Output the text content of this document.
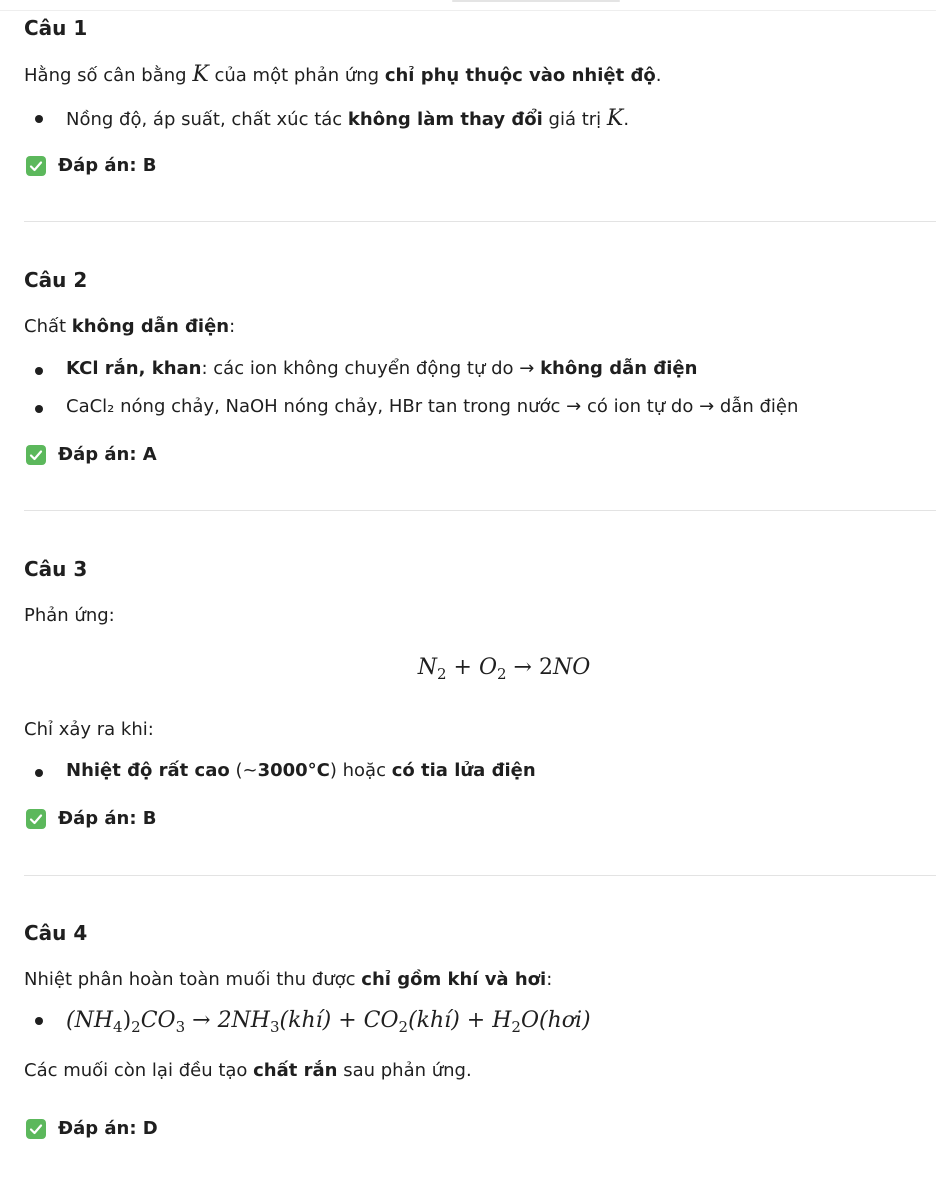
Câu 1
Hằng số cân bằng K của một phản ứng chỉ phụ thuộc vào nhiệt độ.
Nồng độ, áp suất, chất xúc tác không làm thay đổi giá trị K.
Đáp án: B
Câu 2
Chất không dẫn điện:
KCl rắn, khan: các ion không chuyển động tự do → không dẫn điện
CaCl₂ nóng chảy, NaOH nóng chảy, HBr tan trong nước → có ion tự do → dẫn điện
Đáp án: A
Câu 3
Phản ứng:
$N_2 + O_2 \to 2NO$
Chỉ xảy ra khi:
Nhiệt độ rất cao (~3000°C) hoặc có tia lửa điện
Đáp án: B
Câu 4
Nhiệt phân hoàn toàn muối thu được chỉ gồm khí và hơi:
$(NH_4)_2CO_3$ → $2NH_3(khí)$ + $CO_2(khí)$ + $H_2O(hơi)$
Các muối còn lại đều tạo chất rắn sau phản ứng.
Đáp án: D
